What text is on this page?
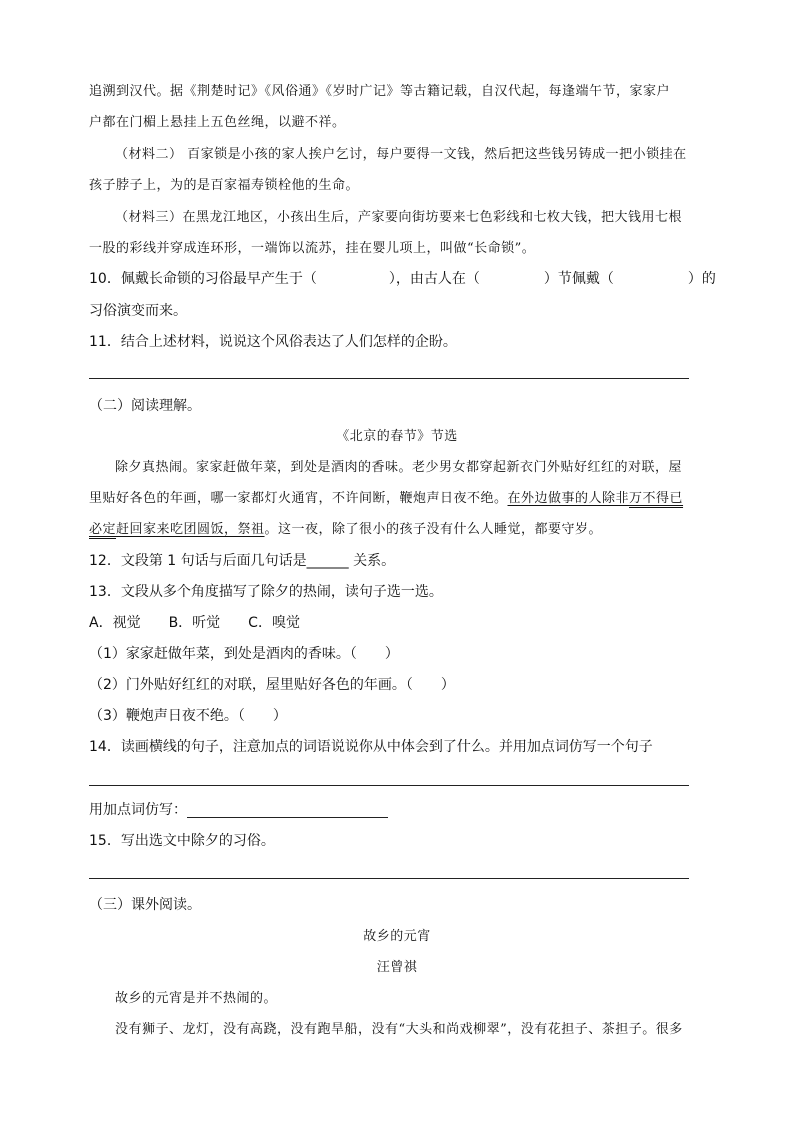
追溯到汉代。据《荆楚时记》《风俗通》《岁时广记》等古籍记载，自汉代起，每逢端午节，家家户
户都在门楣上悬挂上五色丝绳，以避不祥。
（材料二） 百家锁是小孩的家人挨户乞讨，每户要得一文钱，然后把这些钱另铸成一把小锁挂在
孩子脖子上，为的是百家福寿锁栓他的生命。
（材料三）在黑龙江地区，小孩出生后，产家要向街坊要来七色彩线和七枚大钱，把大钱用七根
一股的彩线并穿成连环形，一端饰以流苏，挂在婴儿项上，叫做“长命锁”。
10．佩戴长命锁的习俗最早产生于（	），由古人在（	）节佩戴（	）的
习俗演变而来。
11．结合上述材料，说说这个风俗表达了人们怎样的企盼。
（二）阅读理解。
《北京的春节》节选
除夕真热闹。家家赶做年菜，到处是酒肉的香味。老少男女都穿起新衣门外贴好红红的对联，屋
里贴好各色的年画，哪一家都灯火通宵，不许间断，鞭炮声日夜不绝。在外边做事的人除非万不得已
必定赶回家来吃团圆饭，祭祖。这一夜，除了很小的孩子没有什么人睡觉，都要守岁。
12．文段第 1 句话与后面几句话是______ 关系。
13．文段从多个角度描写了除夕的热闹，读句子选一选。
A．视觉　　B．听觉　　C．嗅觉
（1）家家赶做年菜，到处是酒肉的香味。（　　）
（2）门外贴好红红的对联，屋里贴好各色的年画。（　　）
（3）鞭炮声日夜不绝。（　　）
14．读画横线的句子，注意加点的词语说说你从中体会到了什么。并用加点词仿写一个句子
用加点词仿写：
15．写出选文中除夕的习俗。
（三）课外阅读。
故乡的元宵
汪曾祺
故乡的元宵是并不热闹的。
没有狮子、龙灯，没有高跷，没有跑旱船，没有“大头和尚戏柳翠”，没有花担子、茶担子。很多
